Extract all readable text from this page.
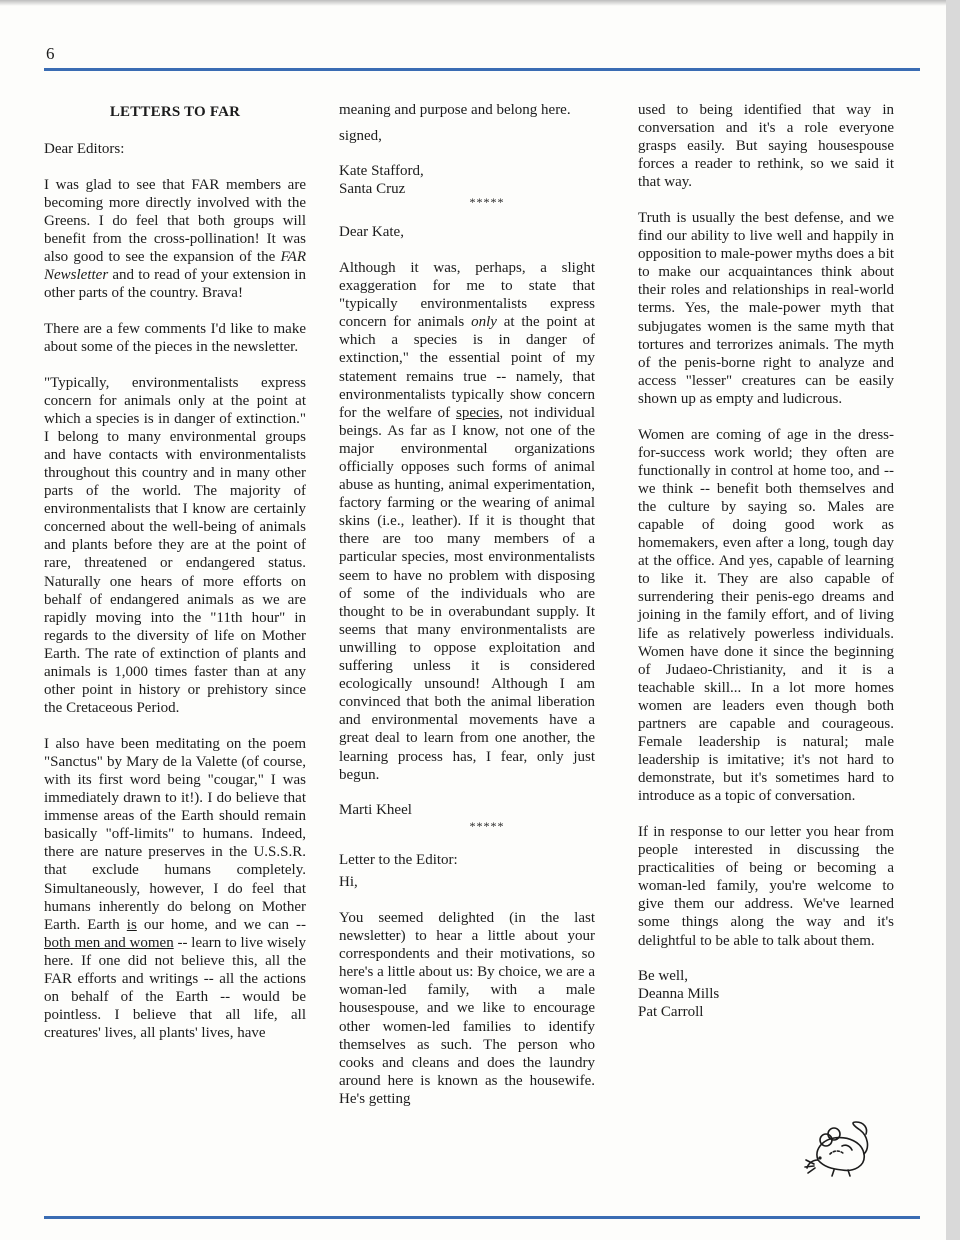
6
LETTERS TO FAR

Dear Editors:

I was glad to see that FAR members are becoming more directly involved with the Greens. I do feel that both groups will benefit from the cross-pollination! It was also good to see the expansion of the FAR Newsletter and to read of your extension in other parts of the country. Brava!

There are a few comments I'd like to make about some of the pieces in the newsletter.

"Typically, environmentalists express concern for animals only at the point at which a species is in danger of extinction." I belong to many environmental groups and have contacts with environmentalists throughout this country and in many other parts of the world. The majority of environmentalists that I know are certainly concerned about the well-being of animals and plants before they are at the point of rare, threatened or endangered status. Naturally one hears of more efforts on behalf of endangered animals as we are rapidly moving into the "11th hour" in regards to the diversity of life on Mother Earth. The rate of extinction of plants and animals is 1,000 times faster than at any other point in history or prehistory since the Cretaceous Period.

I also have been meditating on the poem "Sanctus" by Mary de la Valette (of course, with its first word being "cougar," I was immediately drawn to it!). I do believe that immense areas of the Earth should remain basically "off-limits" to humans. Indeed, there are nature preserves in the U.S.S.R. that exclude humans completely. Simultaneously, however, I do feel that humans inherently do belong on Mother Earth. Earth is our home, and we can -- both men and women -- learn to live wisely here. If one did not believe this, all the FAR efforts and writings -- all the actions on behalf of the Earth -- would be pointless. I believe that all life, all creatures' lives, all plants' lives, have

meaning and purpose and belong here.

signed,

Kate Stafford,

Santa Cruz

*****

Dear Kate,

Although it was, perhaps, a slight exaggeration for me to state that "typically environmentalists express concern for animals only at the point at which a species is in danger of extinction," the essential point of my statement remains true -- namely, that environmentalists typically show concern for the welfare of species, not individual beings. As far as I know, not one of the major environmental organizations officially opposes such forms of animal abuse as hunting, animal experimentation, factory farming or the wearing of animal skins (i.e., leather). If it is thought that there are too many members of a particular species, most environmentalists seem to have no problem with disposing of some of the individuals who are thought to be in overabundant supply. It seems that many environmentalists are unwilling to oppose exploitation and suffering unless it is considered ecologically unsound! Although I am convinced that both the animal liberation and environmental movements have a great deal to learn from one another, the learning process has, I fear, only just begun.

Marti Kheel

*****

Letter to the Editor:

Hi,

You seemed delighted (in the last newsletter) to hear a little about your correspondents and their motivations, so here's a little about us: By choice, we are a woman-led family, with a male housespouse, and we like to encourage other women-led families to identify themselves as such. The person who cooks and cleans and does the laundry around here is known as the housewife. He's getting

used to being identified that way in conversation and it's a role everyone grasps easily. But saying housespouse forces a reader to rethink, so we said it that way.

Truth is usually the best defense, and we find our ability to live well and happily in opposition to male-power myths does a bit to make our acquaintances think about their roles and relationships in real-world terms. Yes, the male-power myth that subjugates women is the same myth that tortures and terrorizes animals. The myth of the penis-borne right to analyze and access "lesser" creatures can be easily shown up as empty and ludicrous.

Women are coming of age in the dress-for-success work world; they often are functionally in control at home too, and -- we think -- benefit both themselves and the culture by saying so. Males are capable of doing good work as homemakers, even after a long, tough day at the office. And yes, capable of learning to like it. They are also capable of surrendering their penis-ego dreams and joining in the family effort, and of living life as relatively powerless individuals. Women have done it since the beginning of Judaeo-Christianity, and it is a teachable skill... In a lot more homes women are leaders even though both partners are capable and courageous. Female leadership is natural; male leadership is imitative; it's not hard to demonstrate, but it's sometimes hard to introduce as a topic of conversation.

If in response to our letter you hear from people interested in discussing the practicalities of being or becoming a woman-led family, you're welcome to give them our address. We've learned some things along the way and it's delightful to be able to talk about them.

Be well,

Deanna Mills

Pat Carroll
